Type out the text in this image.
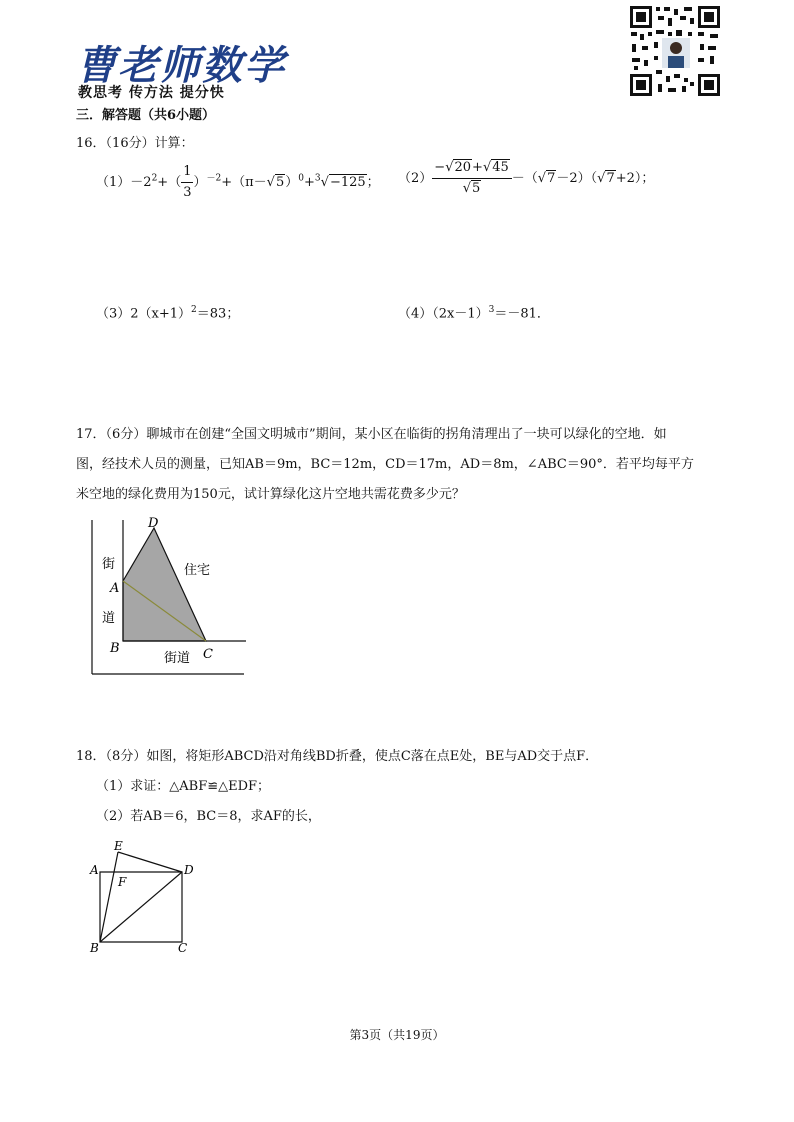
曹老师数学
教思考 传方法 提分快
三．解答题（共6小题）
16．（16分）计算：
$(1)-2^2+( \frac{1}{3} )^{-2}+(\pi-√5)^0+^3√-125$； $(2) \frac{-√20+√45}{√5} -(√7-2)(√7+2)$；
$(3)2(x+1)^2=83$；	$(4)(2x-1)^3=-81$．
17．（6分）聊城市在创建“全国文明城市”期间，某小区在临街的拐角清理出了一块可以绿化的空地．如
图，经技术人员的测量，已知AB＝9m，BC＝12m，CD＝17m，AD＝8m，∠ABC＝90°．若平均每平方
米空地的绿化费用为150元，试计算绿化这片空地共需花费多少元？
D
A
B	C
街
道
街道
住宅
18．（8分）如图，将矩形ABCD沿对角线BD折叠，使点C落在点E处，BE与AD交于点F．
（1）求证：△ABF≌△EDF；
（2）若AB＝6，BC＝8，求AF的长，
A
E
F
D
B	C
第3页（共19页）
